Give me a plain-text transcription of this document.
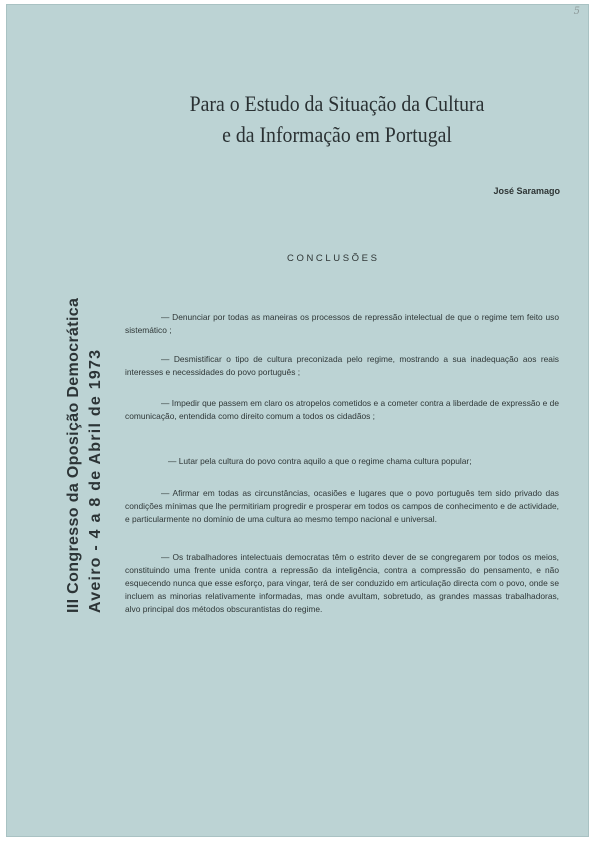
5
Para o Estudo da Situação da Cultura
e da Informação em Portugal
José Saramago
III Congresso da Oposição Democrática Aveiro - 4 a 8 de Abril de 1973
CONCLUSÕES

— Denunciar por todas as maneiras os processos de repressão intelectual de que o regime tem feito uso sistemático ;

— Desmistificar o tipo de cultura preconizada pelo regime, mostrando a sua inadequação aos reais interesses e necessidades do povo português ;

— Impedir que passem em claro os atropelos cometidos e a cometer contra a liberdade de expressão e de comunicação, entendida como direito comum a todos os cidadãos ;

— Lutar pela cultura do povo contra aquilo a que o regime chama cultura popular;

— Afirmar em todas as circunstâncias, ocasiões e lugares que o povo português tem sido privado das condições mínimas que lhe permitiriam progredir e prosperar em todos os campos de conhecimento e de actividade, e particularmente no domínio de uma cultura ao mesmo tempo nacional e universal.

— Os trabalhadores intelectuais democratas têm o estrito dever de se congregarem por todos os meios, constituindo uma frente unida contra a repressão da inteligência, contra a compressão do pensamento, e não esquecendo nunca que esse esforço, para vingar, terá de ser conduzido em articulação directa com o povo, onde se incluem as minorias relativamente informadas, mas onde avultam, sobretudo, as grandes massas trabalhadoras, alvo principal dos métodos obscurantistas do regime.
